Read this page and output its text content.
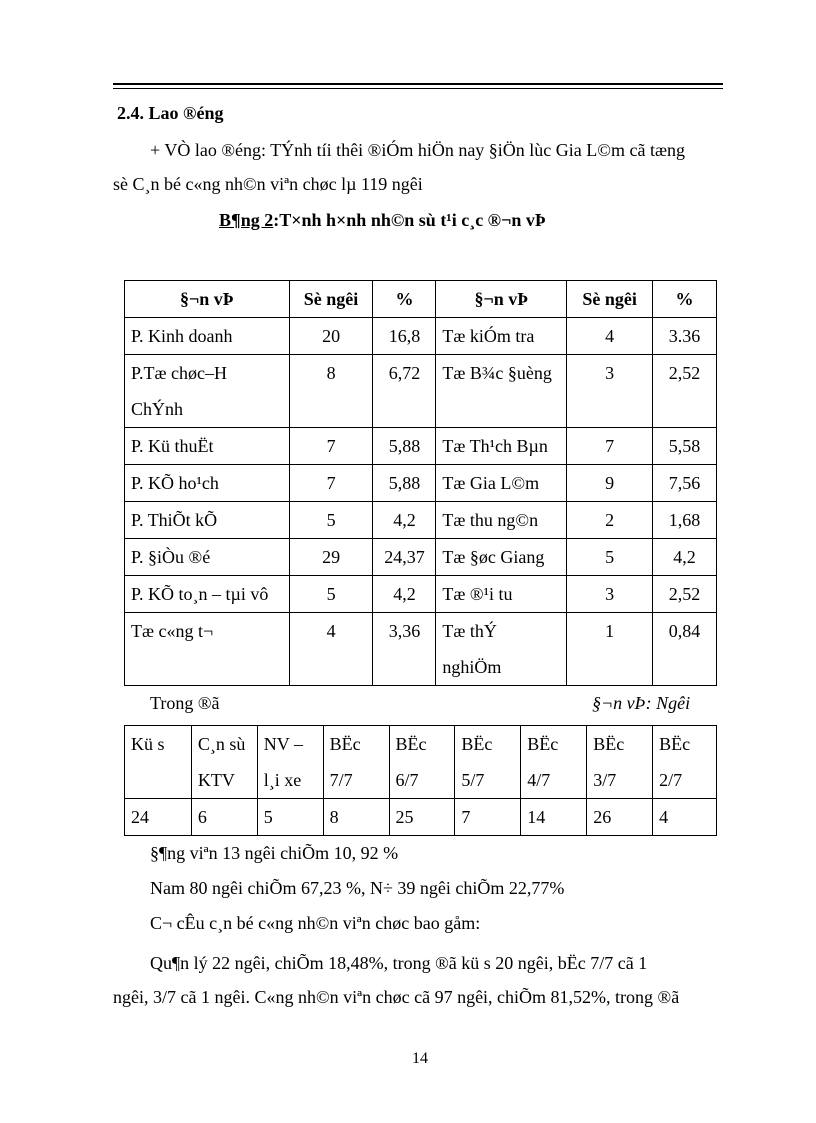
2.4. Lao ®éng
+ VÒ lao ®éng: TÝnh tíi thêi ®iÓm hiÖn nay §iÖn lùc Gia L©m cã tæng
sè C¸n bé c«ng nh©n viªn chøc lµ 119 ngêi
B¶ng 2:T×nh h×nh nh©n sù t¹i c¸c ®¬n vÞ
§¬n vÞ	Sè ngêi	%	§¬n vÞ	Sè ngêi	%
P. Kinh doanh	20	16,8	Tæ kiÓm tra	4	3.36
P.Tæ chøc–H ChÝnh	8	6,72	Tæ B¾c §uèng	3	2,52
P. Kü thuËt	7	5,88	Tæ Th¹ch Bµn	7	5,58
P. KÕ ho¹ch	7	5,88	Tæ Gia L©m	9	7,56
P. ThiÕt kÕ	5	4,2	Tæ thu ng©n	2	1,68
P. §iÒu ®é	29	24,37	Tæ §øc Giang	5	4,2
P. KÕ to¸n – tµi vô	5	4,2	Tæ ®¹i tu	3	2,52
Tæ c«ng t¬	4	3,36	Tæ thÝ nghiÖm	1	0,84
Trong ®ã	§¬n vÞ: Ngêi
Kü s	C¸n sù KTV	NV – l¸i xe	BËc 7/7	BËc 6/7	BËc 5/7	BËc 4/7	BËc 3/7	BËc 2/7
24	6	5	8	25	7	14	26	4
§¶ng viªn 13 ngêi chiÕm 10, 92 %
Nam 80 ngêi chiÕm 67,23 %, N÷ 39 ngêi chiÕm 22,77%
C¬ cÊu c¸n bé c«ng nh©n viªn chøc bao gåm:
Qu¶n lý 22 ngêi, chiÕm 18,48%, trong ®ã kü s 20 ngêi, bËc 7/7 cã 1
ngêi, 3/7 cã 1 ngêi. C«ng nh©n viªn chøc cã 97 ngêi, chiÕm 81,52%, trong ®ã
14
